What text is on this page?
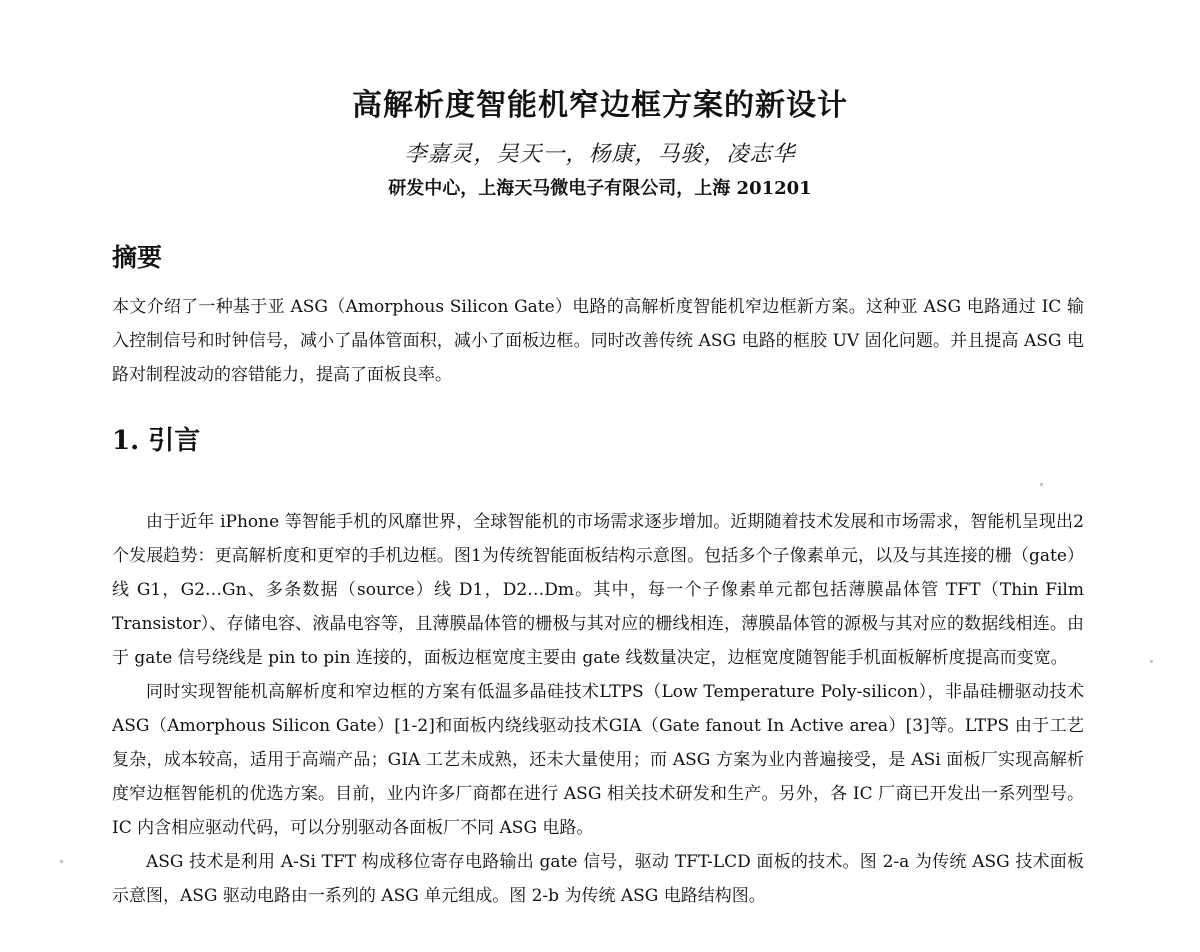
高解析度智能机窄边框方案的新设计
李嘉灵，吴天一，杨康，马骏，凌志华
研发中心，上海天马微电子有限公司，上海 201201
摘要

本文介绍了一种基于亚 ASG（Amorphous Silicon Gate）电路的高解析度智能机窄边框新方案。这种亚 ASG 电路通过 IC 输入控制信号和时钟信号，减小了晶体管面积，减小了面板边框。同时改善传统 ASG 电路的框胶 UV 固化问题。并且提高 ASG 电路对制程波动的容错能力，提高了面板良率。

1. 引言

由于近年 iPhone 等智能手机的风靡世界，全球智能机的市场需求逐步增加。近期随着技术发展和市场需求，智能机呈现出2个发展趋势：更高解析度和更窄的手机边框。图1为传统智能面板结构示意图。包括多个子像素单元，以及与其连接的栅（gate）线 G1，G2…Gn、多条数据（source）线 D1，D2…Dm。其中，每一个子像素单元都包括薄膜晶体管 TFT（Thin Film Transistor）、存储电容、液晶电容等，且薄膜晶体管的栅极与其对应的栅线相连，薄膜晶体管的源极与其对应的数据线相连。由于 gate 信号绕线是 pin to pin 连接的，面板边框宽度主要由 gate 线数量决定，边框宽度随智能手机面板解析度提高而变宽。

同时实现智能机高解析度和窄边框的方案有低温多晶硅技术LTPS（Low Temperature Poly-silicon），非晶硅栅驱动技术ASG（Amorphous Silicon Gate）[1-2]和面板内绕线驱动技术GIA（Gate fanout In Active area）[3]等。LTPS 由于工艺复杂，成本较高，适用于高端产品；GIA 工艺未成熟，还未大量使用；而 ASG 方案为业内普遍接受，是 ASi 面板厂实现高解析度窄边框智能机的优选方案。目前，业内许多厂商都在进行 ASG 相关技术研发和生产。另外，各 IC 厂商已开发出一系列型号。IC 内含相应驱动代码，可以分别驱动各面板厂不同 ASG 电路。

ASG 技术是利用 A-Si TFT 构成移位寄存电路输出 gate 信号，驱动 TFT-LCD 面板的技术。图 2-a 为传统 ASG 技术面板示意图，ASG 驱动电路由一系列的 ASG 单元组成。图 2-b 为传统 ASG 电路结构图。
